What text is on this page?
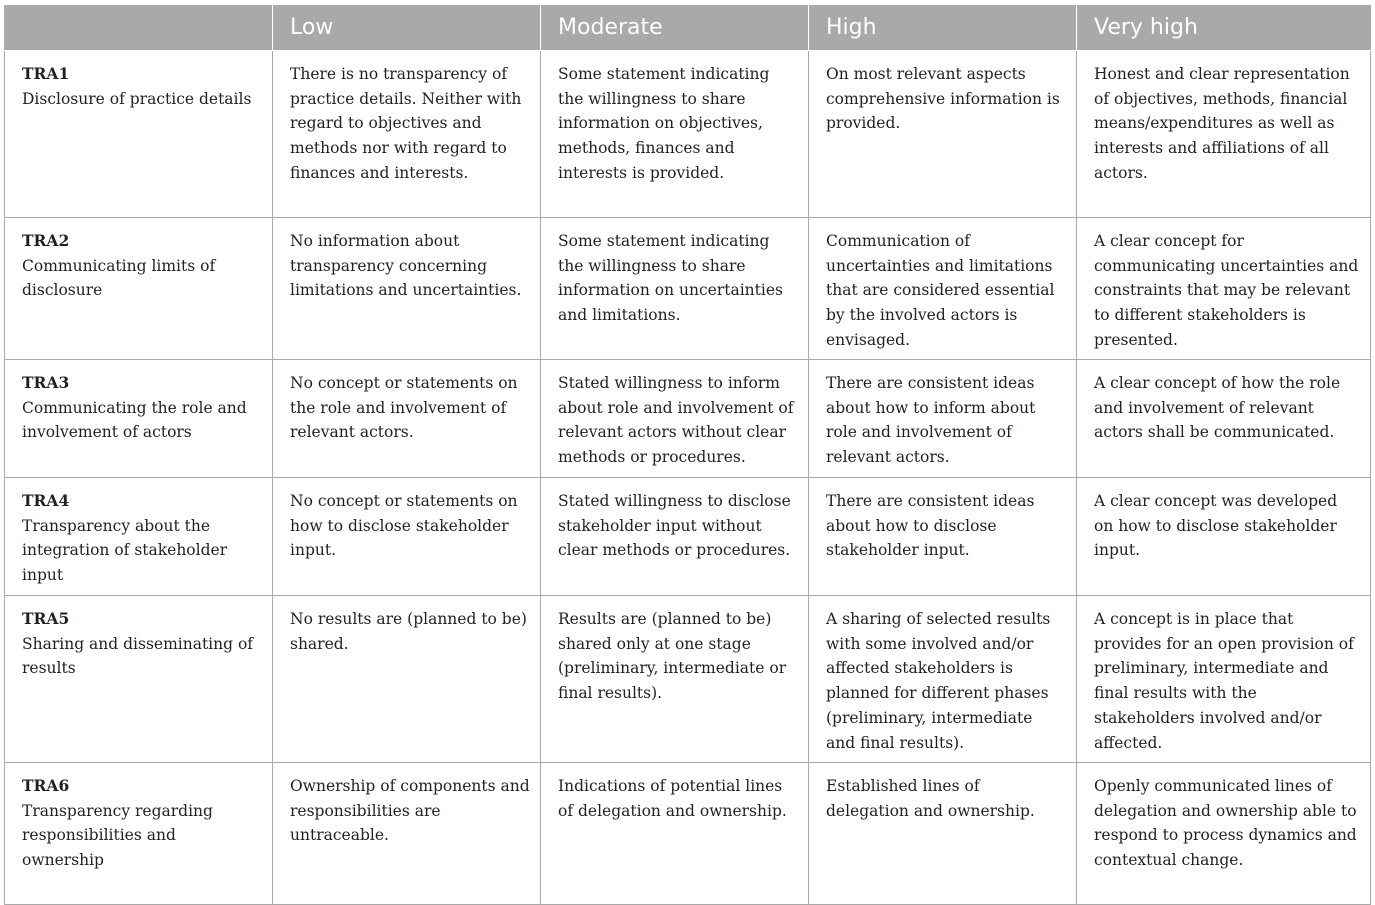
	Low	Moderate	High	Very high

TRA1
Disclosure of practice details	There is no transparency of practice details. Neither with regard to objectives and methods nor with regard to finances and interests.	Some statement indicating the willingness to share information on objectives, methods, finances and interests is provided.	On most relevant aspects comprehensive information is provided.	Honest and clear representation of objectives, methods, financial means/expenditures as well as interests and affiliations of all actors.

TRA2
Communicating limits of disclosure	No information about transparency concerning limitations and uncertainties.	Some statement indicating the willingness to share information on uncertainties and limitations.	Communication of uncertainties and limitations that are considered essential by the involved actors is envisaged.	A clear concept for communicating uncertainties and constraints that may be relevant to different stakeholders is presented.

TRA3
Communicating the role and involvement of actors	No concept or statements on the role and involvement of relevant actors.	Stated willingness to inform about role and involvement of relevant actors without clear methods or procedures.	There are consistent ideas about how to inform about role and involvement of relevant actors.	A clear concept of how the role and involvement of relevant actors shall be communicated.

TRA4
Transparency about the integration of stakeholder input	No concept or statements on how to disclose stakeholder input.	Stated willingness to disclose stakeholder input without clear methods or procedures.	There are consistent ideas about how to disclose stakeholder input.	A clear concept was developed on how to disclose stakeholder input.

TRA5
Sharing and disseminating of results	No results are (planned to be) shared.	Results are (planned to be) shared only at one stage (preliminary, intermediate or final results).	A sharing of selected results with some involved and/or affected stakeholders is planned for different phases (preliminary, intermediate and final results).	A concept is in place that provides for an open provision of preliminary, intermediate and final results with the stakeholders involved and/or affected.

TRA6
Transparency regarding responsibilities and ownership	Ownership of components and responsibilities are untraceable.	Indications of potential lines of delegation and ownership.	Established lines of delegation and ownership.	Openly communicated lines of delegation and ownership able to respond to process dynamics and contextual change.
